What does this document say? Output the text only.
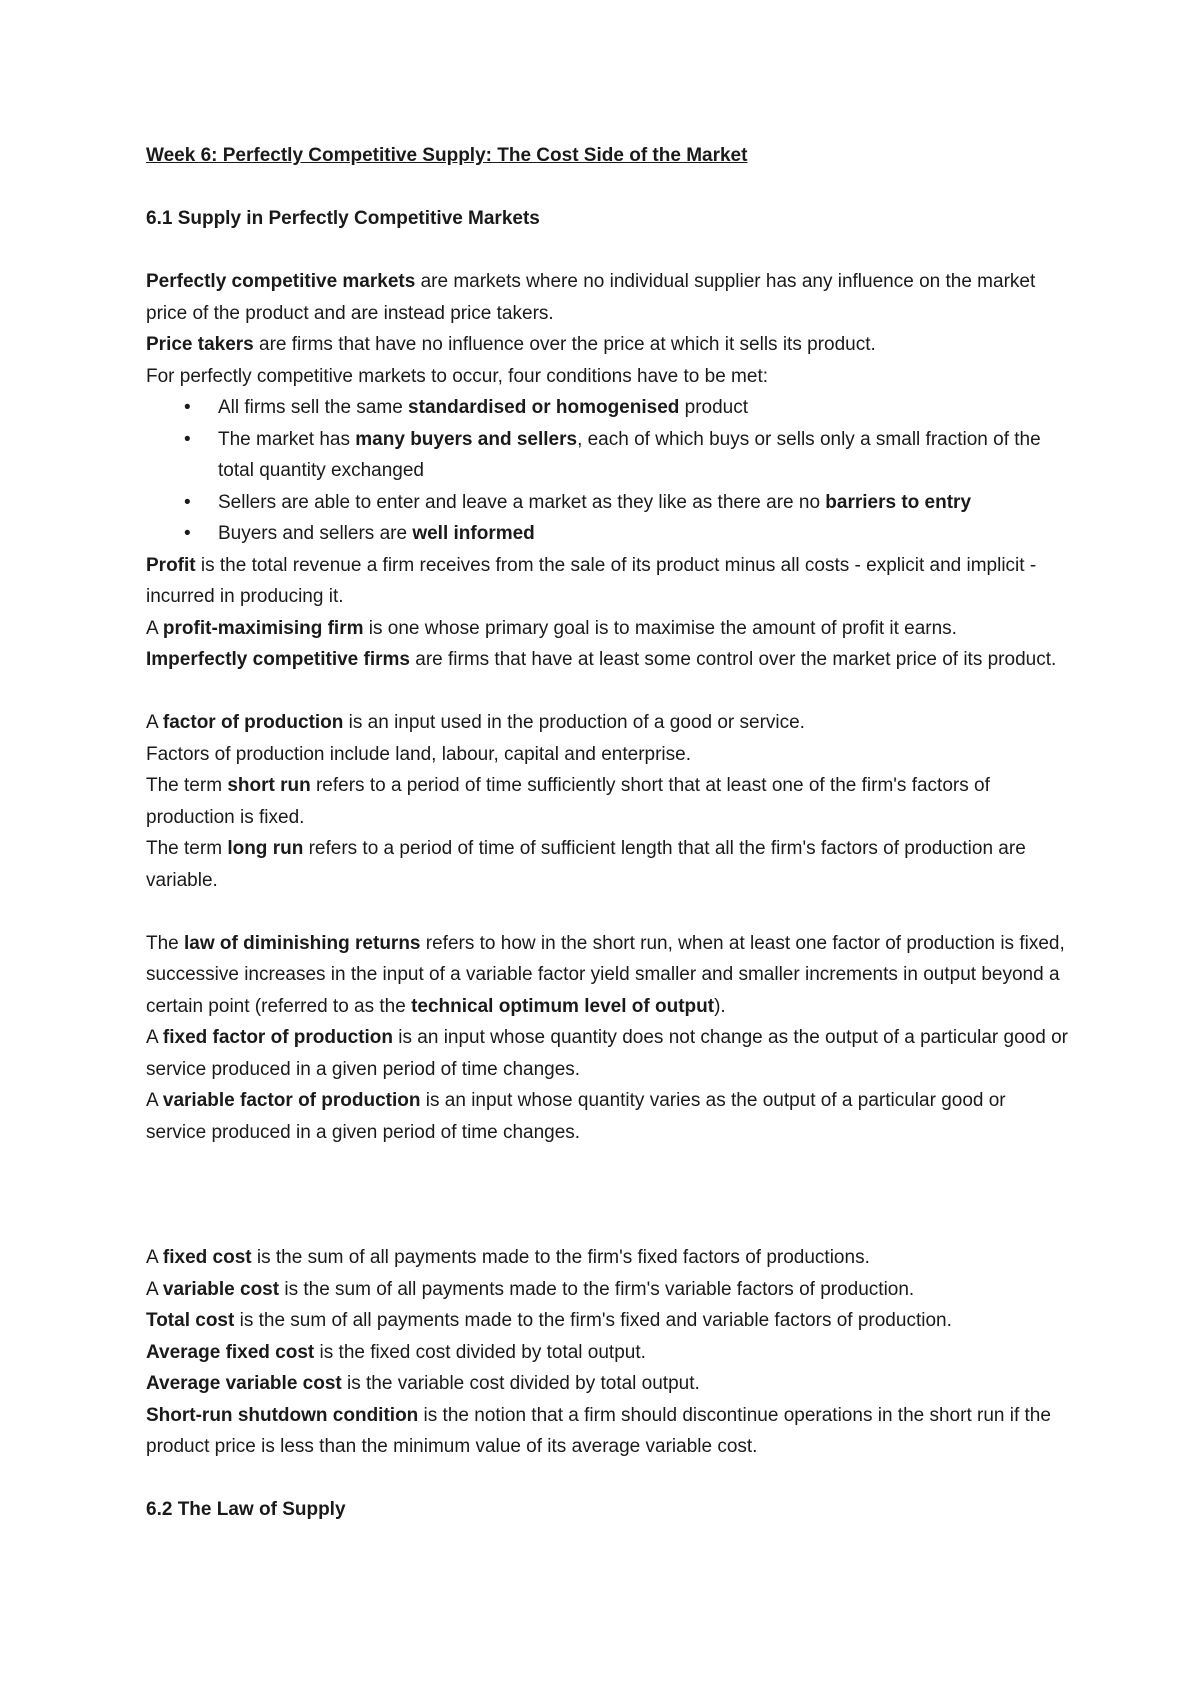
Week 6: Perfectly Competitive Supply: The Cost Side of the Market

6.1 Supply in Perfectly Competitive Markets

Perfectly competitive markets are markets where no individual supplier has any influence on the market price of the product and are instead price takers.

Price takers are firms that have no influence over the price at which it sells its product.

For perfectly competitive markets to occur, four conditions have to be met:

• All firms sell the same standardised or homogenised product
• The market has many buyers and sellers, each of which buys or sells only a small fraction of the total quantity exchanged
• Sellers are able to enter and leave a market as they like as there are no barriers to entry
• Buyers and sellers are well informed

Profit is the total revenue a firm receives from the sale of its product minus all costs - explicit and implicit - incurred in producing it.

A profit-maximising firm is one whose primary goal is to maximise the amount of profit it earns.

Imperfectly competitive firms are firms that have at least some control over the market price of its product.

A factor of production is an input used in the production of a good or service.

Factors of production include land, labour, capital and enterprise.

The term short run refers to a period of time sufficiently short that at least one of the firm's factors of production is fixed.

The term long run refers to a period of time of sufficient length that all the firm's factors of production are variable.

The law of diminishing returns refers to how in the short run, when at least one factor of production is fixed, successive increases in the input of a variable factor yield smaller and smaller increments in output beyond a certain point (referred to as the technical optimum level of output).

A fixed factor of production is an input whose quantity does not change as the output of a particular good or service produced in a given period of time changes.

A variable factor of production is an input whose quantity varies as the output of a particular good or service produced in a given period of time changes.

A fixed cost is the sum of all payments made to the firm's fixed factors of productions.

A variable cost is the sum of all payments made to the firm's variable factors of production.

Total cost is the sum of all payments made to the firm's fixed and variable factors of production.

Average fixed cost is the fixed cost divided by total output.

Average variable cost is the variable cost divided by total output.

Short-run shutdown condition is the notion that a firm should discontinue operations in the short run if the product price is less than the minimum value of its average variable cost.

6.2 The Law of Supply
